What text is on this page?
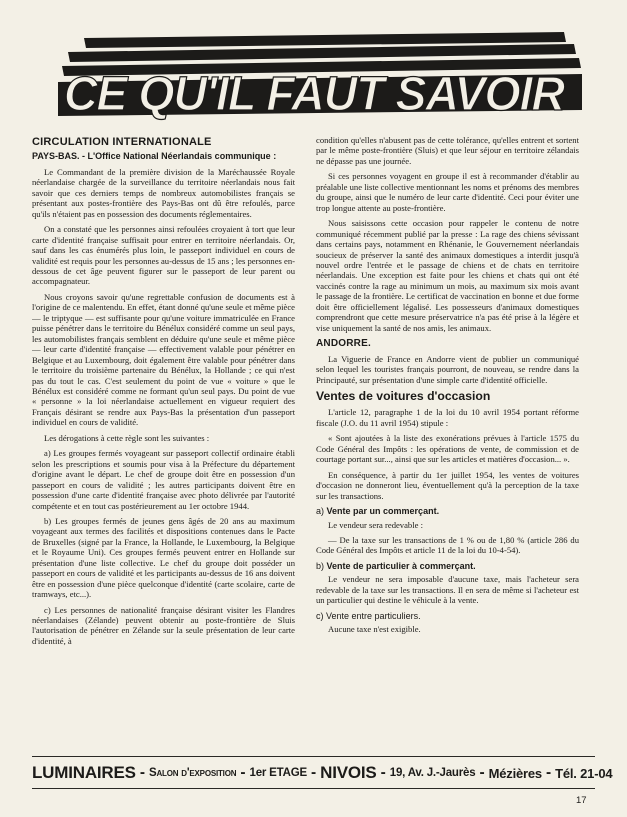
CE QU'IL FAUT SAVOIR
CIRCULATION INTERNATIONALE
PAYS-BAS. - L'Office National Néerlandais communique :

Le Commandant de la première division de la Maréchaussée Royale néerlandaise chargée de la surveillance du territoire néerlandais nous fait savoir que ces derniers temps de nombreux automobilistes français se présentant aux postes-frontière des Pays-Bas ont dû être refoulés, parce qu'ils n'étaient pas en possession des documents réglementaires.

On a constaté que les personnes ainsi refoulées croyaient à tort que leur carte d'identité française suffisait pour entrer en territoire néerlandais. Or, sauf dans les cas énumérés plus loin, le passeport individuel en cours de validité est requis pour les personnes au-dessus de 15 ans ; les personnes en-dessous de cet âge peuvent figurer sur le passeport de leur parent ou accompagnateur.

Nous croyons savoir qu'une regrettable confusion de documents est à l'origine de ce malentendu. En effet, étant donné qu'une seule et même pièce — le triptyque — est suffisante pour qu'une voiture immatriculée en France puisse pénétrer dans le territoire du Bénélux considéré comme un seul pays, les automobilistes français semblent en déduire qu'une seule et même pièce — leur carte d'identité française — effectivement valable pour pénétrer en Belgique et au Luxembourg, doit également être valable pour pénétrer dans le territoire du troisième partenaire du Bénélux, la Hollande ; ce qui n'est pas du tout le cas. C'est seulement du point de vue « voiture » que le Bénélux est considéré comme ne formant qu'un seul pays. Du point de vue « personne » la loi néerlandaise actuellement en vigueur requiert des Français désirant se rendre aux Pays-Bas la présentation d'un passeport individuel en cours de validité.

Les dérogations à cette règle sont les suivantes :

a) Les groupes fermés voyageant sur passeport collectif ordinaire établi selon les prescriptions et soumis pour visa à la Préfecture du département d'origine avant le départ. Le chef de groupe doit être en possession d'un passeport en cours de validité ; les autres participants doivent être en possession d'une carte d'identité française avec photo délivrée par l'autorité compétente et en tout cas postérieurement au 1er octobre 1944.

b) Les groupes fermés de jeunes gens âgés de 20 ans au maximum voyageant aux termes des facilités et dispositions contenues dans le Pacte de Bruxelles (signé par la France, la Hollande, le Luxembourg, la Belgique et le Royaume Uni). Ces groupes fermés peuvent entrer en Hollande sur présentation d'une liste collective. Le chef du groupe doit posséder un passeport en cours de validité et les participants au-dessus de 16 ans doivent être en possession d'une pièce quelconque d'identité (carte scolaire, carte de tramways, etc...).

c) Les personnes de nationalité française désirant visiter les Flandres néerlandaises (Zélande) peuvent obtenir au poste-frontière de Sluis l'autorisation de pénétrer en Zélande sur la seule présentation de leur carte d'identité, à

condition qu'elles n'abusent pas de cette tolérance, qu'elles entrent et sortent par le même poste-frontière (Sluis) et que leur séjour en territoire zélandais ne dépasse pas une journée.

Si ces personnes voyagent en groupe il est à recommander d'établir au préalable une liste collective mentionnant les noms et prénoms des membres du groupe, ainsi que le numéro de leur carte d'identité. Ceci pour éviter une trop longue attente au poste-frontière.

Nous saisissons cette occasion pour rappeler le contenu de notre communiqué récemment publié par la presse : La rage des chiens sévissant dans certains pays, notamment en Rhénanie, le Gouvernement néerlandais soucieux de préserver la santé des animaux domestiques a interdit jusqu'à nouvel ordre l'entrée et le passage de chiens et de chats en territoire néerlandais. Une exception est faite pour les chiens et chats qui ont été vaccinés contre la rage au minimum un mois, au maximum six mois avant le passage de la frontière. Le certificat de vaccination en bonne et due forme doit être officiellement légalisé. Les possesseurs d'animaux domestiques comprendront que cette mesure préservatrice n'a pas été prise à la légère et vise uniquement la santé de nos amis, les animaux.

ANDORRE.

La Viguerie de France en Andorre vient de publier un communiqué selon lequel les touristes français pourront, de nouveau, se rendre dans la Principauté, sur présentation d'une simple carte d'identité officielle.

Ventes de voitures d'occasion

L'article 12, paragraphe 1 de la loi du 10 avril 1954 portant réforme fiscale (J.O. du 11 avril 1954) stipule :

« Sont ajoutées à la liste des exonérations prévues à l'article 1575 du Code Général des Impôts : les opérations de vente, de commission et de courtage portant sur..., ainsi que sur les articles et matières d'occasion... ».

En conséquence, à partir du 1er juillet 1954, les ventes de voitures d'occasion ne donneront lieu, éventuellement qu'à la perception de la taxe sur les transactions.

a) Vente par un commerçant.

Le vendeur sera redevable :

— De la taxe sur les transactions de 1 % ou de 1,80 % (article 286 du Code Général des Impôts et article 11 de la loi du 10-4-54).

b) Vente de particulier à commerçant.

Le vendeur ne sera imposable d'aucune taxe, mais l'acheteur sera redevable de la taxe sur les transactions. Il en sera de même si l'acheteur est un particulier qui destine le véhicule à la vente.

c) Vente entre particuliers.

Aucune taxe n'est exigible.

LUMINAIRES - Salon d'exposition - 1er ETAGE - NIVOIS - 19, Av. J.-Jaurès - Mézières - Tél. 21-04
17
